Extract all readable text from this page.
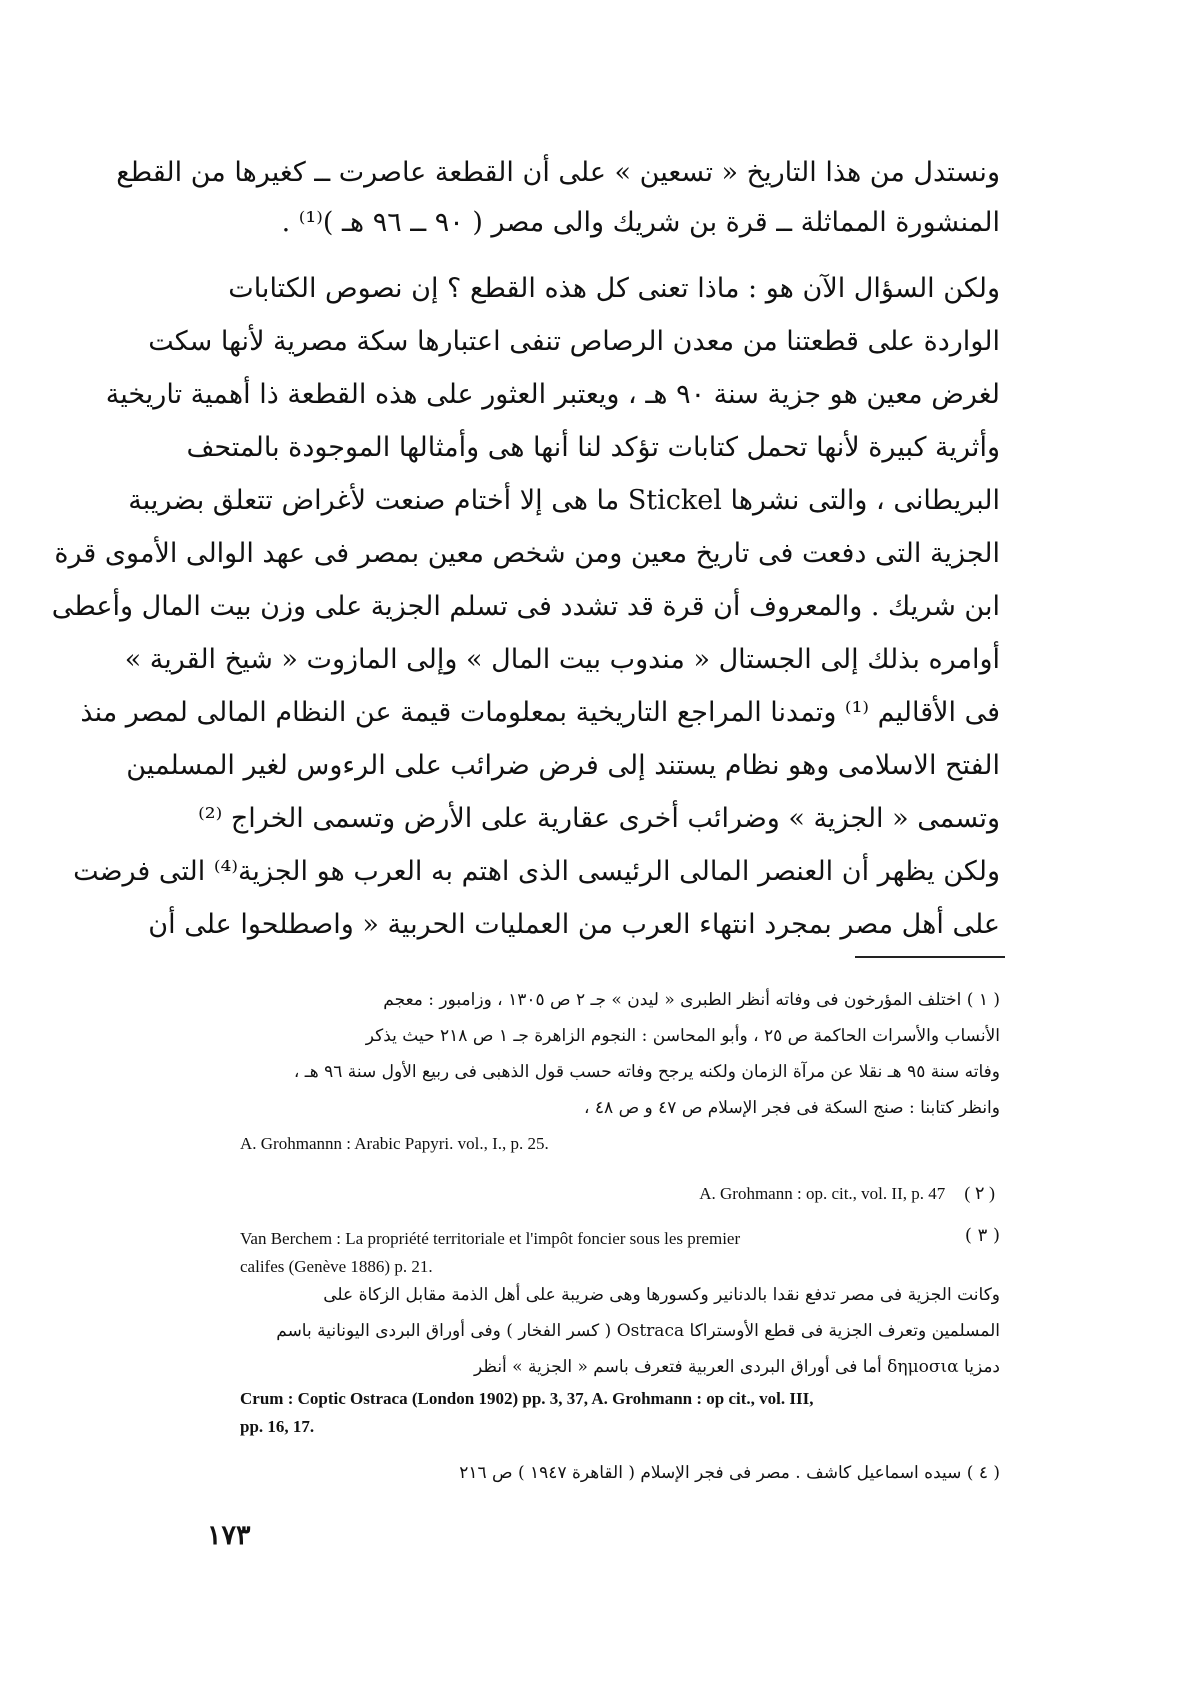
ونستدل من هذا التاريخ « تسعين » على أن القطعة عاصرت ــ كغيرها من القطع

المنشورة المماثلة ــ قرة بن شريك والى مصر ( ٩٠ ــ ٩٦ هـ )⁽¹⁾ .

ولكن السؤال الآن هو : ماذا تعنى كل هذه القطع ؟ إن نصوص الكتابات

الواردة على قطعتنا من معدن الرصاص تنفى اعتبارها سكة مصرية لأنها سكت

لغرض معين هو جزية سنة ٩٠ هـ ، ويعتبر العثور على هذه القطعة ذا أهمية تاريخية

وأثرية كبيرة لأنها تحمل كتابات تؤكد لنا أنها هى وأمثالها الموجودة بالمتحف

البريطانى ، والتى نشرها Stickel ما هى إلا أختام صنعت لأغراض تتعلق بضريبة

الجزية التى دفعت فى تاريخ معين ومن شخص معين بمصر فى عهد الوالى الأموى قرة

ابن شريك . والمعروف أن قرة قد تشدد فى تسلم الجزية على وزن بيت المال وأعطى

أوامره بذلك إلى الجستال « مندوب بيت المال » وإلى المازوت « شيخ القرية »

فى الأقاليم ⁽¹⁾ وتمدنا المراجع التاريخية بمعلومات قيمة عن النظام المالى لمصر منذ

الفتح الاسلامى وهو نظام يستند إلى فرض ضرائب على الرءوس لغير المسلمين

وتسمى « الجزية » وضرائب أخرى عقارية على الأرض وتسمى الخراج ⁽²⁾

ولكن يظهر أن العنصر المالى الرئيسى الذى اهتم به العرب هو الجزية⁽⁴⁾ التى فرضت

على أهل مصر بمجرد انتهاء العرب من العمليات الحربية « واصطلحوا على أن

( ١ ) اختلف المؤرخون فى وفاته أنظر الطبرى « ليدن » جـ ٢ ص ١٣٠٥ ، وزامبور : معجم

الأنساب والأسرات الحاكمة ص ٢٥ ، وأبو المحاسن : النجوم الزاهرة جـ ١ ص ٢١٨ حيث يذكر

وفاته سنة ٩٥ هـ نقلا عن مرآة الزمان ولكنه يرجح وفاته حسب قول الذهبى فى ربيع الأول سنة ٩٦ هـ ،

وانظر كتابنا : صنج السكة فى فجر الإسلام ص ٤٧ و ص ٤٨ ،

A. Grohmannn : Arabic Papyri. vol., I., p. 25.

A. Grohmann : op. cit., vol. II, p. 47 ( ٢ )

Van Berchem : La propriété territoriale et l'impôt foncier sous les premier	( ٣ )

califes (Genève 1886) p. 21.

وكانت الجزية فى مصر تدفع نقدا بالدنانير وكسورها وهى ضريبة على أهل الذمة مقابل الزكاة على

المسلمين وتعرف الجزية فى قطع الأوستراكا Ostraca ( كسر الفخار ) وفى أوراق البردى اليونانية باسم

دمزيا δημοσια أما فى أوراق البردى العربية فتعرف باسم « الجزية » أنظر

Crum : Coptic Ostraca (London 1902) pp. 3, 37, A. Grohmann : op cit., vol. III,

pp. 16, 17.

( ٤ ) سيده اسماعيل كاشف . مصر فى فجر الإسلام ( القاهرة ١٩٤٧ ) ص ٢١٦

١٧٣
